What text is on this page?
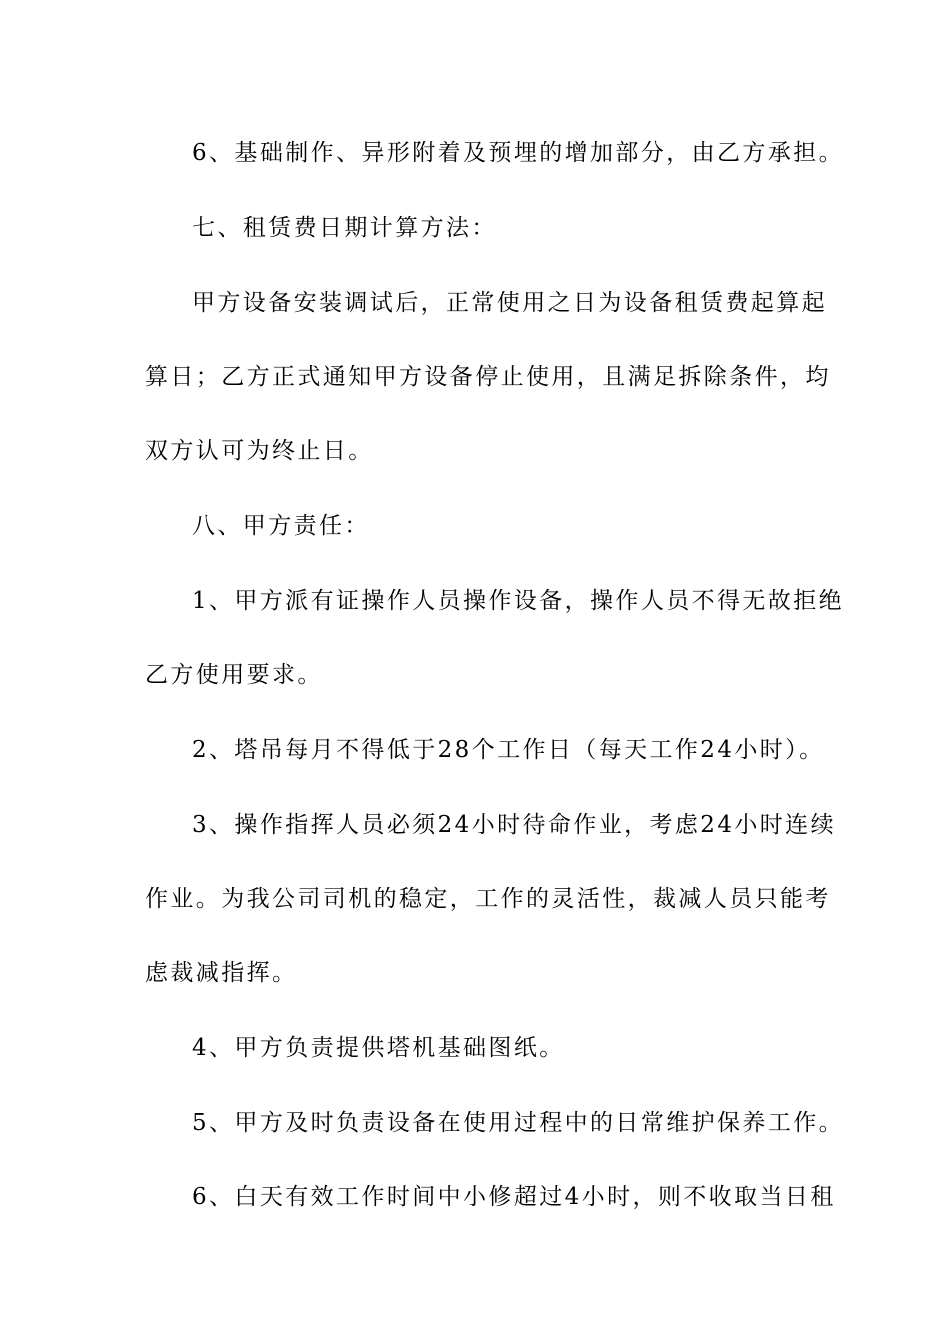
6、基础制作、异形附着及预埋的增加部分，由乙方承担。
七、租赁费日期计算方法：
甲方设备安装调试后，正常使用之日为设备租赁费起算起
算日；乙方正式通知甲方设备停止使用，且满足拆除条件，均
双方认可为终止日。
八、甲方责任：
1、甲方派有证操作人员操作设备，操作人员不得无故拒绝
乙方使用要求。
2、塔吊每月不得低于28个工作日（每天工作24小时）。
3、操作指挥人员必须24小时待命作业，考虑24小时连续
作业。为我公司司机的稳定，工作的灵活性，裁减人员只能考
虑裁减指挥。
4、甲方负责提供塔机基础图纸。
5、甲方及时负责设备在使用过程中的日常维护保养工作。
6、白天有效工作时间中小修超过4小时，则不收取当日租
